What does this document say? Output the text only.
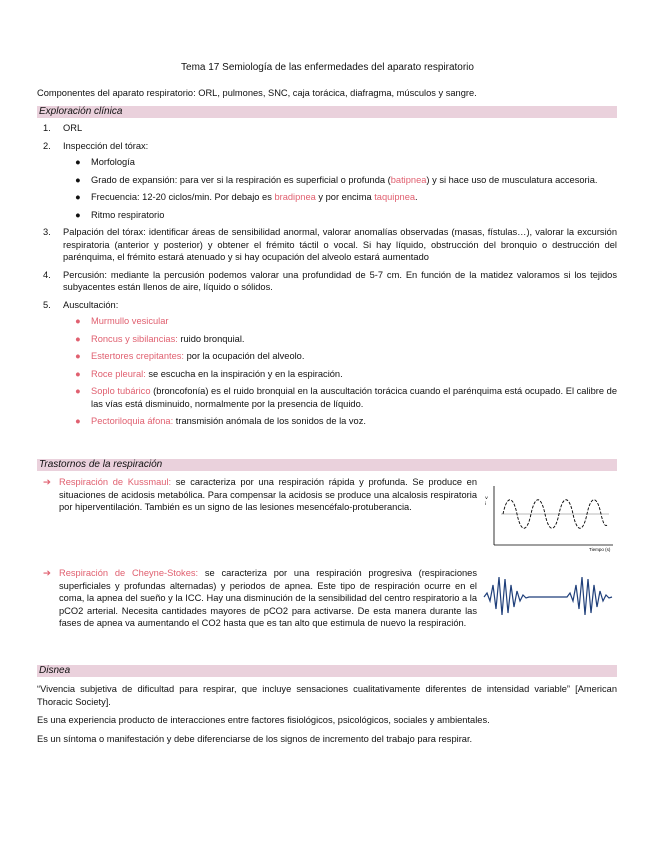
Tema 17 Semiología de las enfermedades del aparato respiratorio
Componentes del aparato respiratorio: ORL, pulmones, SNC, caja torácica, diafragma, músculos y sangre.
Exploración clínica
1. ORL
2. Inspección del tórax:
● Morfología
● Grado de expansión: para ver si la respiración es superficial o profunda (batipnea) y si hace uso de musculatura accesoria.
● Frecuencia: 12-20 ciclos/min. Por debajo es bradipnea y por encima taquipnea.
● Ritmo respiratorio
3. Palpación del tórax: identificar áreas de sensibilidad anormal, valorar anomalías observadas (masas, fístulas…), valorar la excursión respiratoria (anterior y posterior) y obtener el frémito táctil o vocal. Si hay líquido, obstrucción del bronquio o destrucción del parénquima, el frémito estará atenuado y si hay ocupación del alveolo estará aumentado
4. Percusión: mediante la percusión podemos valorar una profundidad de 5-7 cm. En función de la matidez valoramos si los tejidos subyacentes están llenos de aire, líquido o sólidos.
5. Auscultación:
● Murmullo vesicular
● Roncus y sibilancias: ruido bronquial.
● Estertores crepitantes: por la ocupación del alveolo.
● Roce pleural: se escucha en la inspiración y en la espiración.
● Soplo tubárico (broncofonía) es el ruido bronquial en la auscultación torácica cuando el parénquima está ocupado. El calibre de las vías está disminuido, normalmente por la presencia de líquido.
● Pectoriloquia áfona: transmisión anómala de los sonidos de la voz.
Trastornos de la respiración
➔ Respiración de Kussmaul: se caracteriza por una respiración rápida y profunda. Se produce en situaciones de acidosis metabólica. Para compensar la acidosis se produce una alcalosis respiratoria por hiperventilación. También es un signo de las lesiones mesencéfalo-protuberancia.
ⅴ
ⅰ
Tiempo (s)
➔ Respiración de Cheyne-Stokes: se caracteriza por una respiración progresiva (respiraciones superficiales y profundas alternadas) y periodos de apnea. Este tipo de respiración ocurre en el coma, la apnea del sueño y la ICC. Hay una disminución de la sensibilidad del centro respiratorio a la pCO2 arterial. Necesita cantidades mayores de pCO2 para activarse. De esta manera durante las fases de apnea va aumentando el CO2 hasta que es tan alto que estimula de nuevo la respiración.
Disnea

“Vivencia subjetiva de dificultad para respirar, que incluye sensaciones cualitativamente diferentes de intensidad variable” [American Thoracic Society].

Es una experiencia producto de interacciones entre factores fisiológicos, psicológicos, sociales y ambientales.

Es un síntoma o manifestación y debe diferenciarse de los signos de incremento del trabajo para respirar.
